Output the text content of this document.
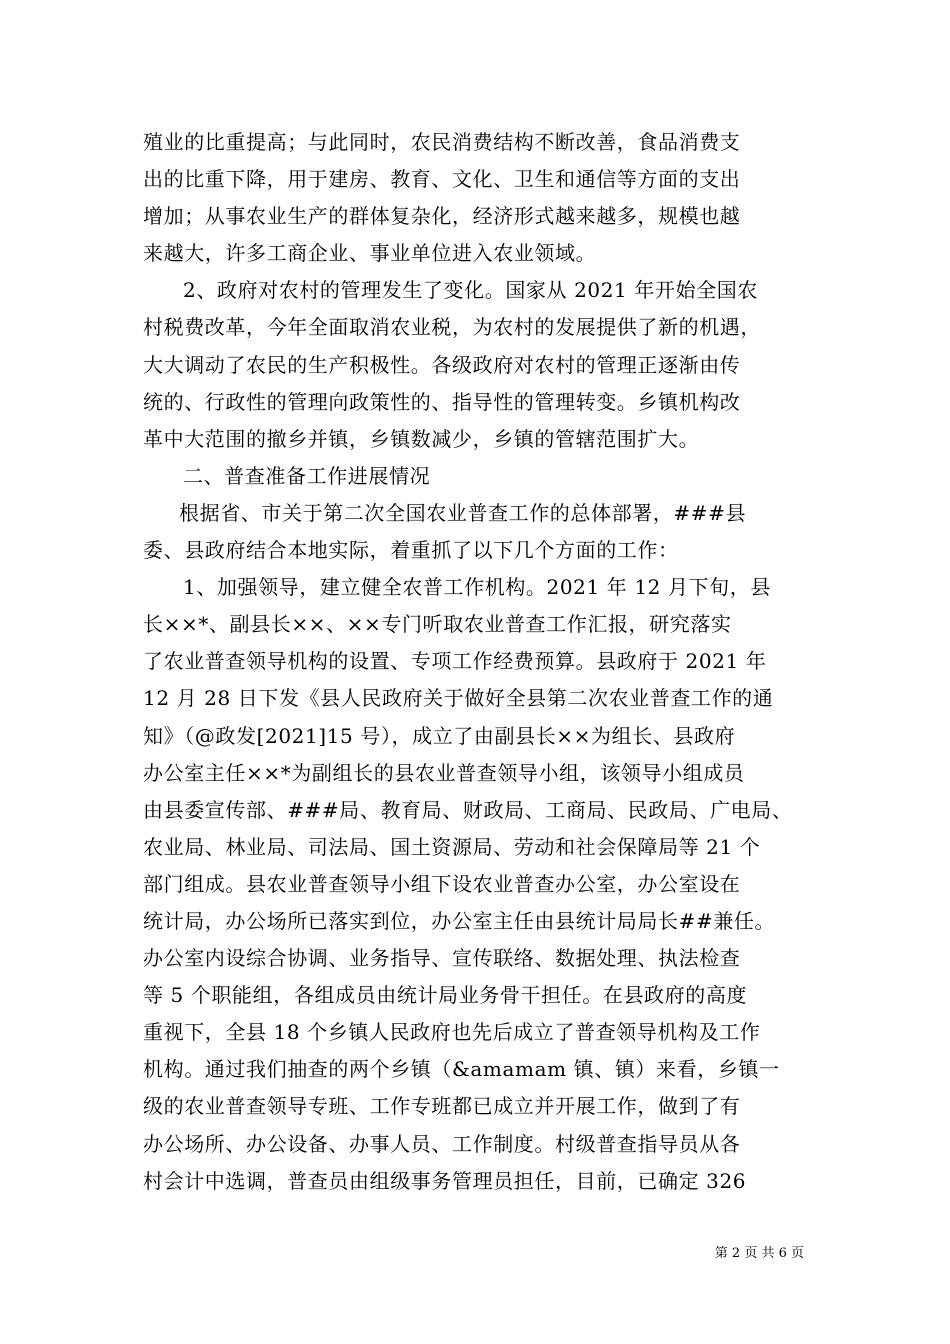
殖业的比重提高；与此同时，农民消费结构不断改善，食品消费支
出的比重下降，用于建房、教育、文化、卫生和通信等方面的支出
增加；从事农业生产的群体复杂化，经济形式越来越多，规模也越
来越大，许多工商企业、事业单位进入农业领域。
2、政府对农村的管理发生了变化。国家从 2021 年开始全国农
村税费改革，今年全面取消农业税，为农村的发展提供了新的机遇，
大大调动了农民的生产积极性。各级政府对农村的管理正逐渐由传
统的、行政性的管理向政策性的、指导性的管理转变。乡镇机构改
革中大范围的撤乡并镇，乡镇数减少，乡镇的管辖范围扩大。
二、普查准备工作进展情况
根据省、市关于第二次全国农业普查工作的总体部署，###县
委、县政府结合本地实际，着重抓了以下几个方面的工作：
1、加强领导，建立健全农普工作机构。2021 年 12 月下旬，县
长××*、副县长××、××专门听取农业普查工作汇报，研究落实
了农业普查领导机构的设置、专项工作经费预算。县政府于 2021 年
12 月 28 日下发《县人民政府关于做好全县第二次农业普查工作的通
知》（@政发[2021]15 号），成立了由副县长××为组长、县政府
办公室主任××*为副组长的县农业普查领导小组，该领导小组成员
由县委宣传部、###局、教育局、财政局、工商局、民政局、广电局、
农业局、林业局、司法局、国土资源局、劳动和社会保障局等 21 个
部门组成。县农业普查领导小组下设农业普查办公室，办公室设在
统计局，办公场所已落实到位，办公室主任由县统计局局长##兼任。
办公室内设综合协调、业务指导、宣传联络、数据处理、执法检查
等 5 个职能组，各组成员由统计局业务骨干担任。在县政府的高度
重视下，全县 18 个乡镇人民政府也先后成立了普查领导机构及工作
机构。通过我们抽查的两个乡镇（&amamam 镇、镇）来看，乡镇一
级的农业普查领导专班、工作专班都已成立并开展工作，做到了有
办公场所、办公设备、办事人员、工作制度。村级普查指导员从各
村会计中选调，普查员由组级事务管理员担任，目前，已确定 326
第 2 页 共 6 页
